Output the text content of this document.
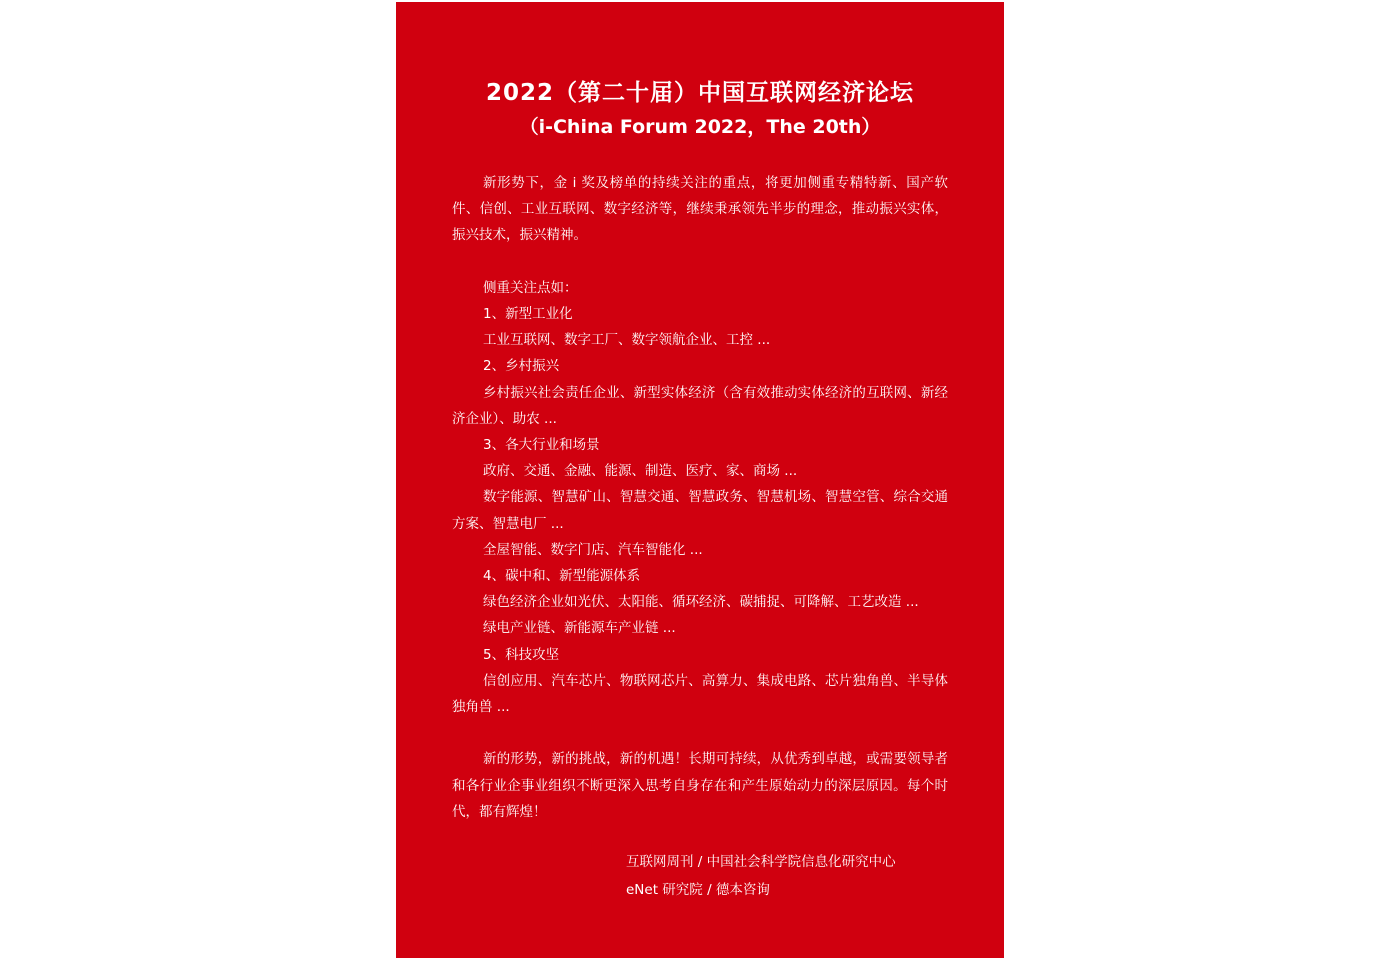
2022（第二十届）中国互联网经济论坛
（i-China Forum 2022，The 20th）

新形势下，金 i 奖及榜单的持续关注的重点，将更加侧重专精特新、国产软件、信创、工业互联网、数字经济等，继续秉承领先半步的理念，推动振兴实体，振兴技术，振兴精神。

侧重关注点如：

1、新型工业化

工业互联网、数字工厂、数字领航企业、工控 ...

2、乡村振兴

乡村振兴社会责任企业、新型实体经济（含有效推动实体经济的互联网、新经济企业）、助农 ...

3、各大行业和场景

政府、交通、金融、能源、制造、医疗、家、商场 ...

数字能源、智慧矿山、智慧交通、智慧政务、智慧机场、智慧空管、综合交通方案、智慧电厂 ...

全屋智能、数字门店、汽车智能化 ...

4、碳中和、新型能源体系

绿色经济企业如光伏、太阳能、循环经济、碳捕捉、可降解、工艺改造 ...

绿电产业链、新能源车产业链 ...

5、科技攻坚

信创应用、汽车芯片、物联网芯片、高算力、集成电路、芯片独角兽、半导体独角兽 ...

新的形势，新的挑战，新的机遇！长期可持续，从优秀到卓越，或需要领导者和各行业企事业组织不断更深入思考自身存在和产生原始动力的深层原因。每个时代，都有辉煌！

互联网周刊 / 中国社会科学院信息化研究中心
eNet 研究院 / 德本咨询
